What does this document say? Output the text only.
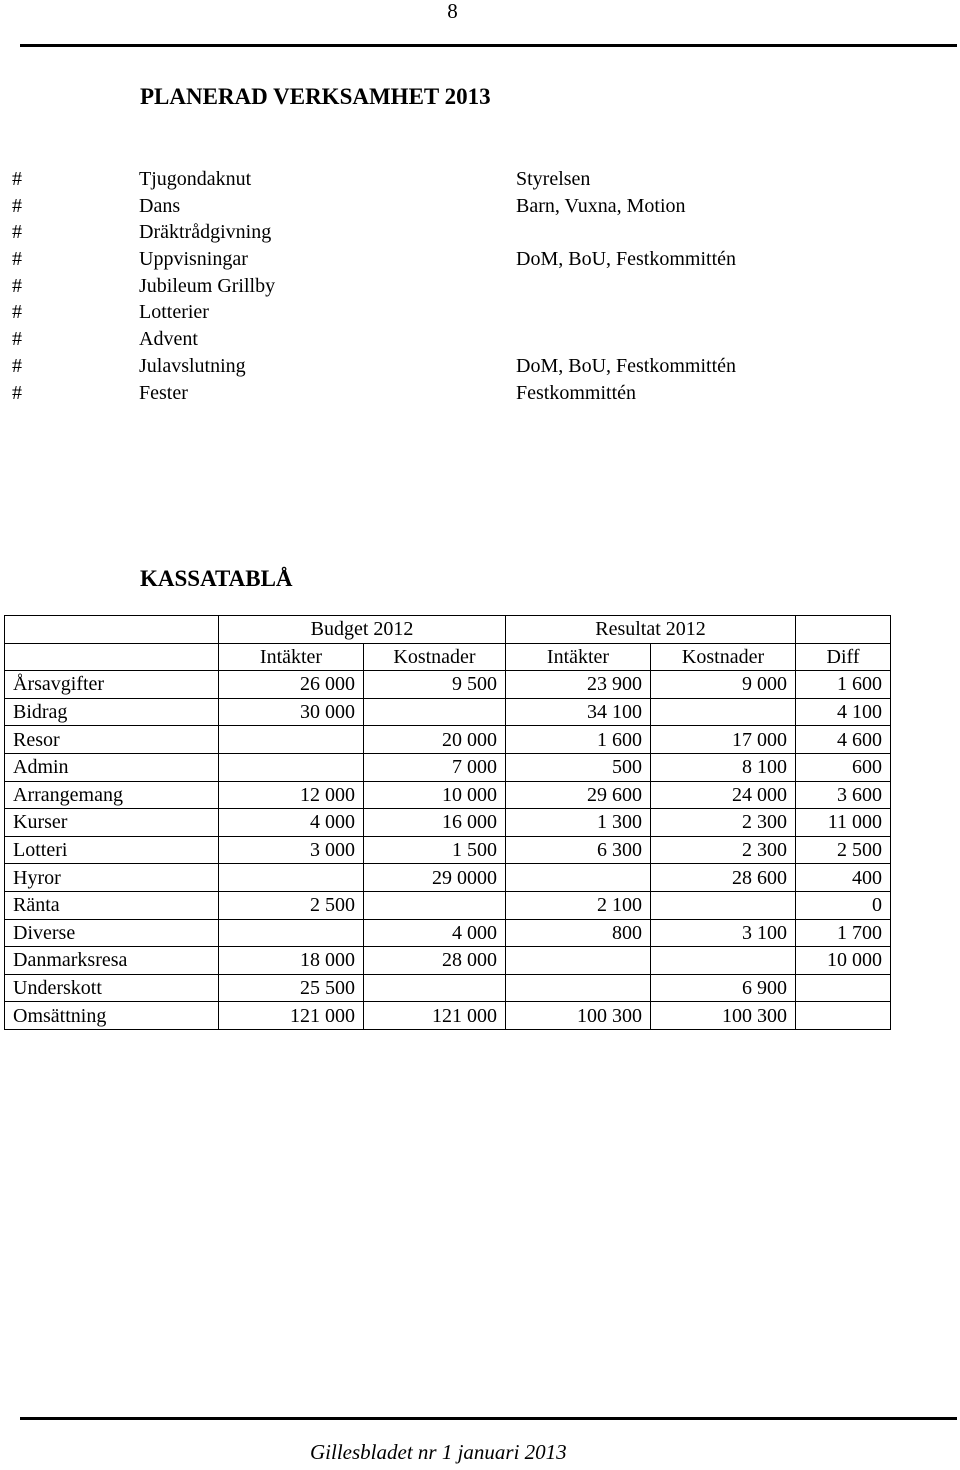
8
PLANERAD VERKSAMHET 2013
#	Tjugondaknut	Styrelsen
#	Dans	Barn, Vuxna, Motion
#	Dräktrådgivning
#	Uppvisningar	DoM, BoU, Festkommittén
#	Jubileum Grillby
#	Lotterier
#	Advent
#	Julavslutning	DoM, BoU, Festkommittén
#	Fester	Festkommittén
KASSATABLÅ
	Budget 2012		Resultat 2012		
	Intäkter	Kostnader	Intäkter	Kostnader	Diff
Årsavgifter	26 000	9 500	23 900	9 000	1 600
Bidrag	30 000		34 100		4 100
Resor		20 000	1 600	17 000	4 600
Admin		7 000	500	8 100	600
Arrangemang	12 000	10 000	29 600	24 000	3 600
Kurser	4 000	16 000	1 300	2 300	11 000
Lotteri	3 000	1 500	6 300	2 300	2 500
Hyror		29 0000		28 600	400
Ränta	2 500		2 100		0
Diverse		4 000	800	3 100	1 700
Danmarksresa	18 000	28 000			10 000
Underskott	25 500			6 900	
Omsättning	121 000	121 000	100 300	100 300	
Gillesbladet nr 1 januari 2013
